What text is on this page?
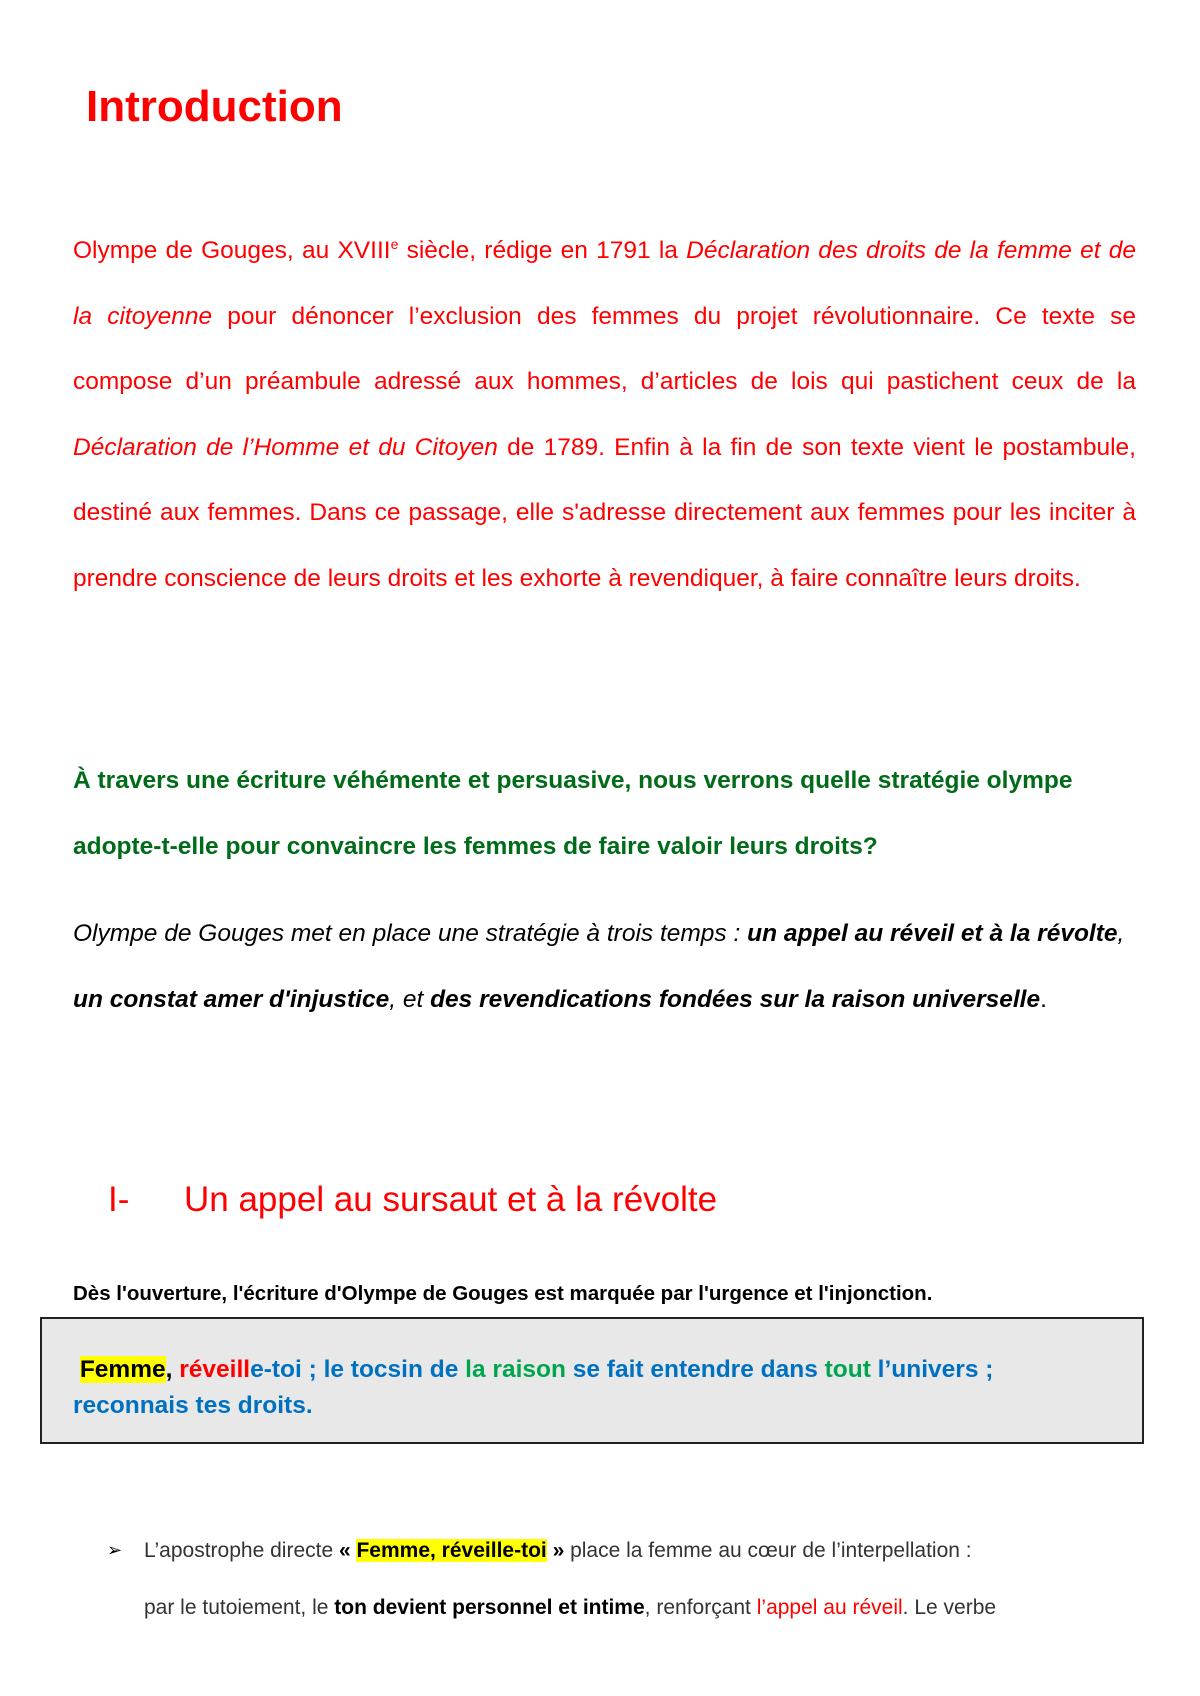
Introduction

Olympe de Gouges, au XVIIIe siècle, rédige en 1791 la Déclaration des droits de la femme et de la citoyenne pour dénoncer l’exclusion des femmes du projet révolutionnaire. Ce texte se compose d’un préambule adressé aux hommes, d’articles de lois qui pastichent ceux de la Déclaration de l’Homme et du Citoyen de 1789. Enfin à la fin de son texte vient le postambule, destiné aux femmes. Dans ce passage, elle s'adresse directement aux femmes pour les inciter à prendre conscience de leurs droits et les exhorte à revendiquer, à faire connaître leurs droits.

À travers une écriture véhémente et persuasive, nous verrons quelle stratégie olympe adopte-t-elle pour convaincre les femmes de faire valoir leurs droits?

Olympe de Gouges met en place une stratégie à trois temps : un appel au réveil et à la révolte, un constat amer d'injustice, et des revendications fondées sur la raison universelle.

I- Un appel au sursaut et à la révolte

Dès l'ouverture, l'écriture d'Olympe de Gouges est marquée par l'urgence et l'injonction.

Femme, réveille-toi ; le tocsin de la raison se fait entendre dans tout l’univers ; reconnais tes droits.

➢	L’apostrophe directe « Femme, réveille-toi » place la femme au cœur de l’interpellation :
par le tutoiement, le ton devient personnel et intime, renforçant l’appel au réveil. Le verbe
